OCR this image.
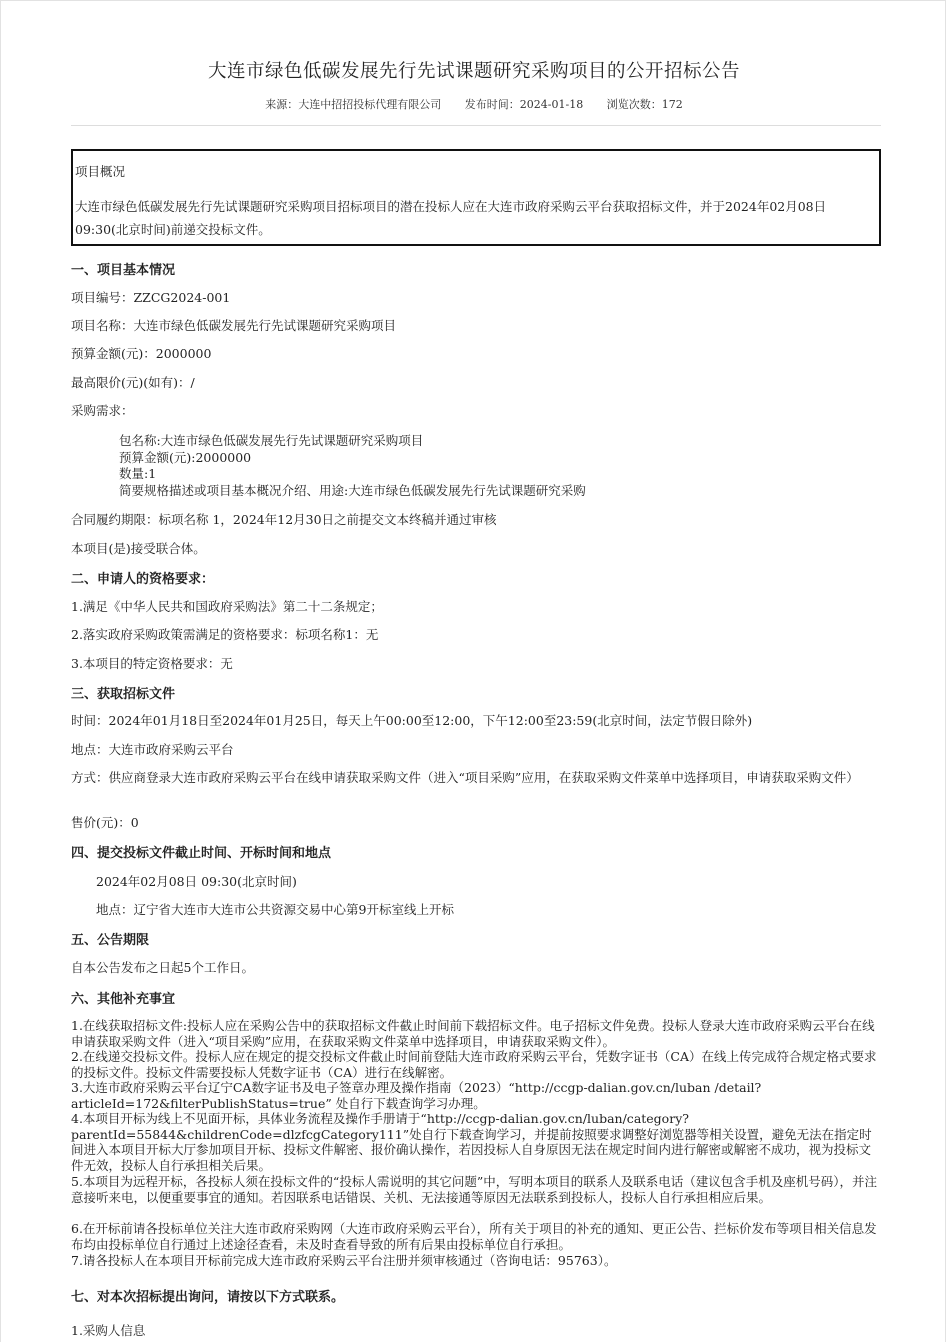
大连市绿色低碳发展先行先试课题研究采购项目的公开招标公告
来源：大连中招招投标代理有限公司 发布时间：2024-01-18 浏览次数：172
项目概况
大连市绿色低碳发展先行先试课题研究采购项目招标项目的潜在投标人应在大连市政府采购云平台获取招标文件，并于2024年02月08日 09:30(北京时间)前递交投标文件。
一、项目基本情况
项目编号：ZZCG2024-001
项目名称：大连市绿色低碳发展先行先试课题研究采购项目
预算金额(元)：2000000
最高限价(元)(如有)：/
采购需求：
包名称:大连市绿色低碳发展先行先试课题研究采购项目
预算金额(元):2000000
数量:1
简要规格描述或项目基本概况介绍、用途:大连市绿色低碳发展先行先试课题研究采购
合同履约期限：标项名称 1，2024年12月30日之前提交文本终稿并通过审核
本项目(是)接受联合体。
二、申请人的资格要求：
1.满足《中华人民共和国政府采购法》第二十二条规定；
2.落实政府采购政策需满足的资格要求：标项名称1：无
3.本项目的特定资格要求：无
三、获取招标文件
时间：2024年01月18日至2024年01月25日，每天上午00:00至12:00，下午12:00至23:59(北京时间，法定节假日除外)
地点：大连市政府采购云平台
方式：供应商登录大连市政府采购云平台在线申请获取采购文件（进入“项目采购”应用，在获取采购文件菜单中选择项目，申请获取采购文件）
售价(元)：0
四、提交投标文件截止时间、开标时间和地点
2024年02月08日 09:30(北京时间)
地点：辽宁省大连市大连市公共资源交易中心第9开标室线上开标
五、公告期限
自本公告发布之日起5个工作日。
六、其他补充事宜
1.在线获取招标文件:投标人应在采购公告中的获取招标文件截止时间前下载招标文件。电子招标文件免费。投标人登录大连市政府采购云平台在线申请获取采购文件（进入“项目采购”应用，在获取采购文件菜单中选择项目，申请获取采购文件）。
2.在线递交投标文件。投标人应在规定的提交投标文件截止时间前登陆大连市政府采购云平台，凭数字证书（CA）在线上传完成符合规定格式要求的投标文件。投标文件需要投标人凭数字证书（CA）进行在线解密。
3.大连市政府采购云平台辽宁CA数字证书及电子签章办理及操作指南（2023）“http://ccgp-dalian.gov.cn/luban /detail?articleId=172&filterPublishStatus=true” 处自行下载查询学习办理。
4.本项目开标为线上不见面开标，具体业务流程及操作手册请于“http://ccgp-dalian.gov.cn/luban/category?parentId=55844&childrenCode=dlzfcgCategory111”处自行下载查询学习，并提前按照要求调整好浏览器等相关设置，避免无法在指定时间进入本项目开标大厅参加项目开标、投标文件解密、报价确认操作，若因投标人自身原因无法在规定时间内进行解密或解密不成功，视为投标文件无效，投标人自行承担相关后果。
5.本项目为远程开标，各投标人须在投标文件的“投标人需说明的其它问题”中，写明本项目的联系人及联系电话（建议包含手机及座机号码），并注意接听来电，以便重要事宜的通知。若因联系电话错误、关机、无法接通等原因无法联系到投标人，投标人自行承担相应后果。
6.在开标前请各投标单位关注大连市政府采购网（大连市政府采购云平台），所有关于项目的补充的通知、更正公告、拦标价发布等项目相关信息发布均由投标单位自行通过上述途径查看，未及时查看导致的所有后果由投标单位自行承担。
7.请各投标人在本项目开标前完成大连市政府采购云平台注册并须审核通过（咨询电话：95763）。
七、对本次招标提出询问，请按以下方式联系。
1.采购人信息
